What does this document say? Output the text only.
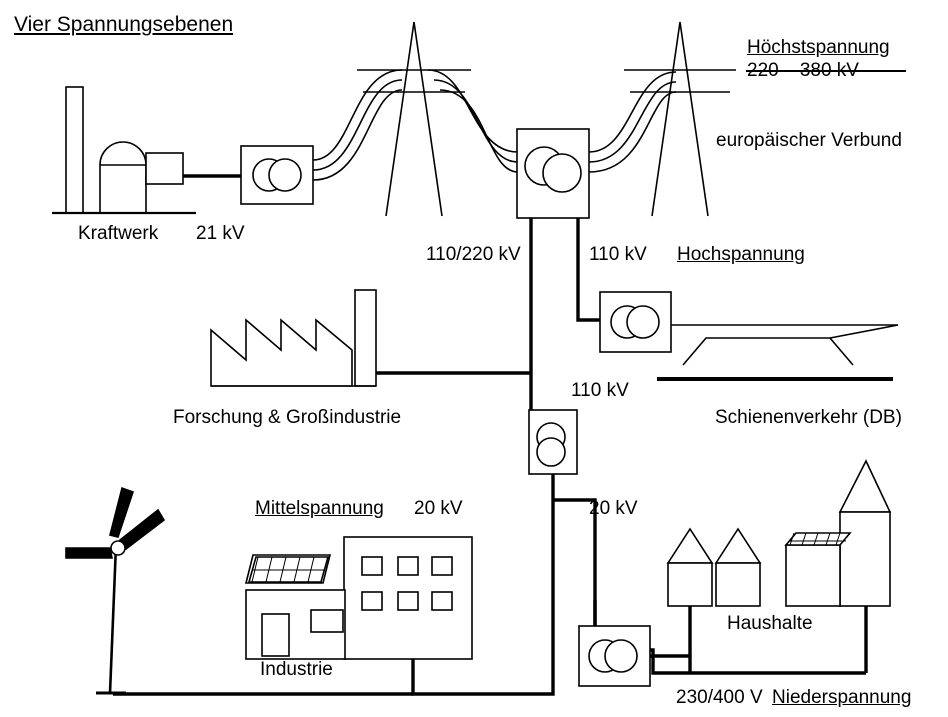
Vier Spannungsebenen
Höchstspannung
220 – 380 kV
europäischer Verbund
Kraftwerk 21 kV
110/220 kV	110 kV Hochspannung
110 kV
Forschung & Großindustrie	Schienenverkehr (DB)
Mittelspannung 20 kV	20 kV
Industrie
Haushalte
230/400 V Niederspannung
